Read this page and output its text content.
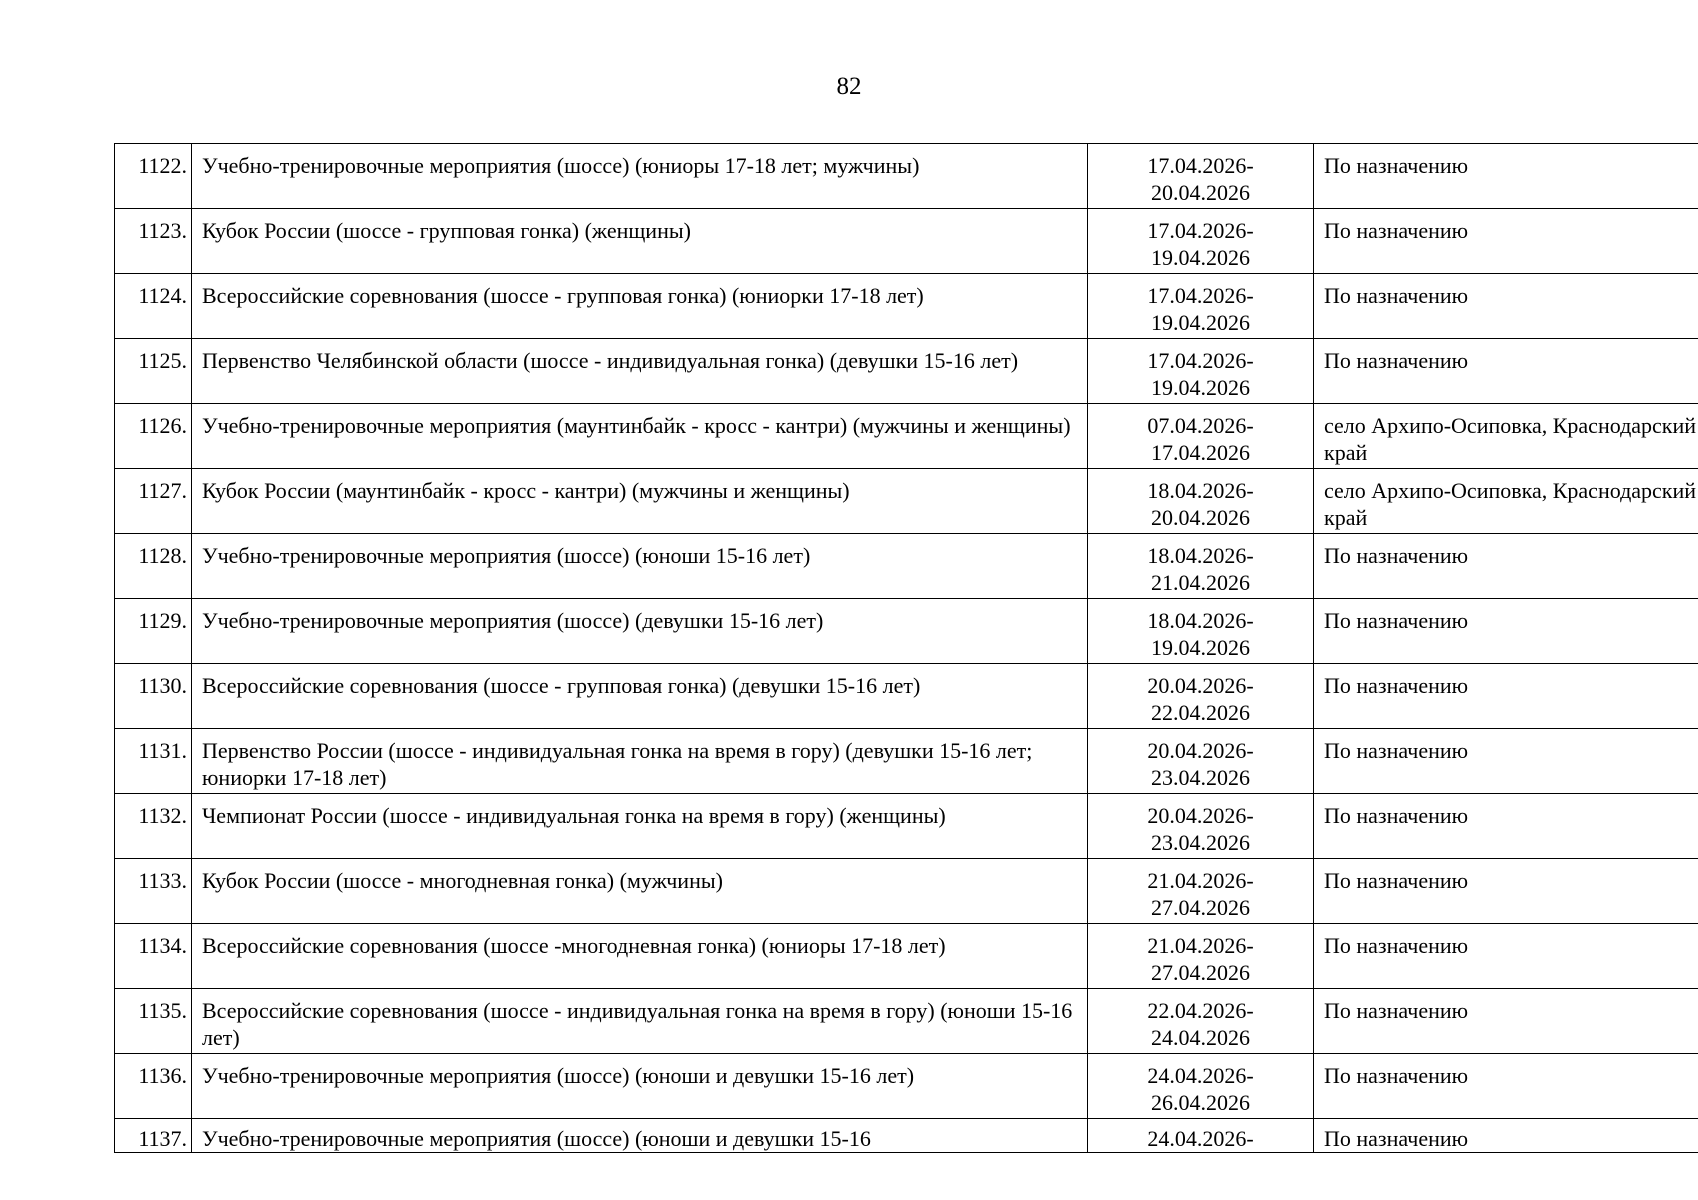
82
1122.	Учебно-тренировочные мероприятия (шоссе) (юниоры 17-18 лет; мужчины)	17.04.2026-20.04.2026	По назначению
1123.	Кубок России (шоссе - групповая гонка) (женщины)	17.04.2026-19.04.2026	По назначению
1124.	Всероссийские соревнования (шоссе - групповая гонка) (юниорки 17-18 лет)	17.04.2026-19.04.2026	По назначению
1125.	Первенство Челябинской области (шоссе - индивидуальная гонка) (девушки 15-16 лет)	17.04.2026-19.04.2026	По назначению
1126.	Учебно-тренировочные мероприятия (маунтинбайк - кросс - кантри) (мужчины и женщины)	07.04.2026-17.04.2026	село Архипо-Осиповка, Краснодарский край
1127.	Кубок России (маунтинбайк - кросс - кантри) (мужчины и женщины)	18.04.2026-20.04.2026	село Архипо-Осиповка, Краснодарский край
1128.	Учебно-тренировочные мероприятия (шоссе) (юноши 15-16 лет)	18.04.2026-21.04.2026	По назначению
1129.	Учебно-тренировочные мероприятия (шоссе) (девушки 15-16 лет)	18.04.2026-19.04.2026	По назначению
1130.	Всероссийские соревнования (шоссе - групповая гонка) (девушки 15-16 лет)	20.04.2026-22.04.2026	По назначению
1131.	Первенство России (шоссе - индивидуальная гонка на время в гору) (девушки 15-16 лет; юниорки 17-18 лет)	20.04.2026-23.04.2026	По назначению
1132.	Чемпионат России (шоссе - индивидуальная гонка на время в гору) (женщины)	20.04.2026-23.04.2026	По назначению
1133.	Кубок России (шоссе - многодневная гонка) (мужчины)	21.04.2026-27.04.2026	По назначению
1134.	Всероссийские соревнования (шоссе -многодневная гонка) (юниоры 17-18 лет)	21.04.2026-27.04.2026	По назначению
1135.	Всероссийские соревнования (шоссе - индивидуальная гонка на время в гору) (юноши 15-16 лет)	22.04.2026-24.04.2026	По назначению
1136.	Учебно-тренировочные мероприятия (шоссе) (юноши и девушки 15-16 лет)	24.04.2026-26.04.2026	По назначению
1137.	Учебно-тренировочные мероприятия (шоссе) (юноши и девушки 15-16	24.04.2026-	По назначению
